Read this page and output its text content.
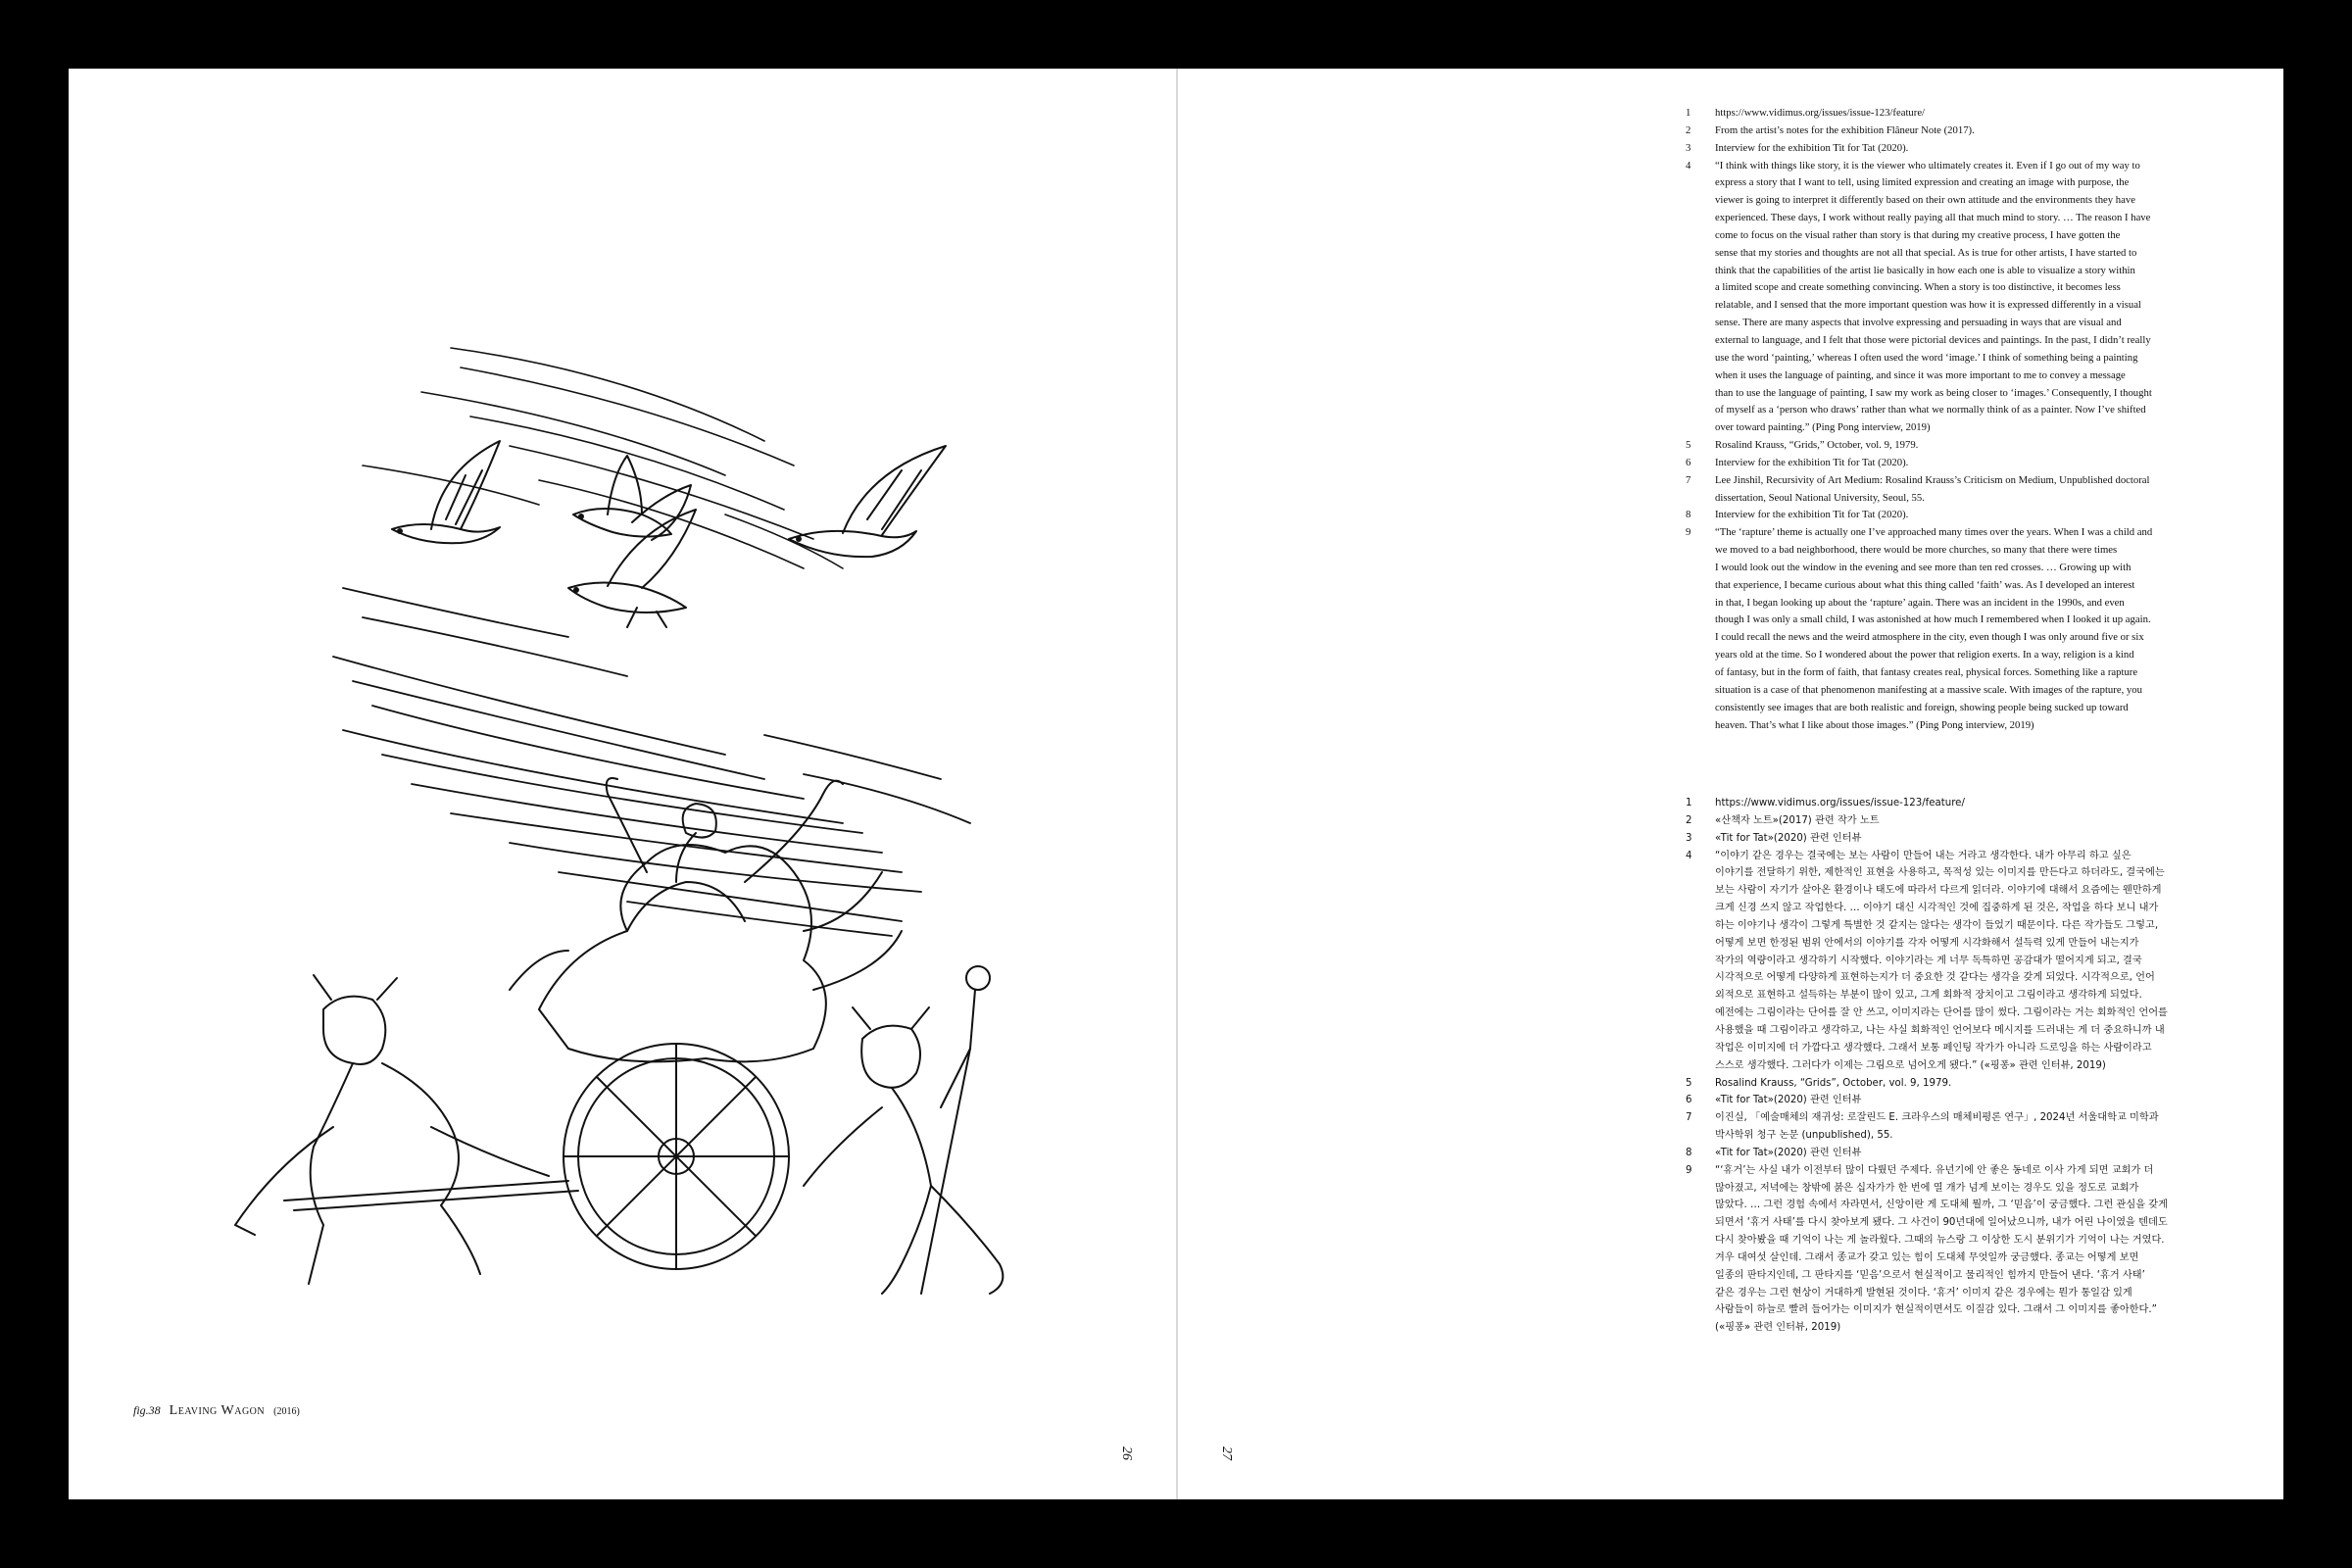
fig.38 Leaving Wagon (2016)
26
1	https://www.vidimus.org/issues/issue-123/feature/
2	From the artist’s notes for the exhibition Flâneur Note (2017).
3	Interview for the exhibition Tit for Tat (2020).
4	“I think with things like story, it is the viewer who ultimately creates it. Even if I go out of my way to
express a story that I want to tell, using limited expression and creating an image with purpose, the
viewer is going to interpret it differently based on their own attitude and the environments they have
experienced. These days, I work without really paying all that much mind to story. … The reason I have
come to focus on the visual rather than story is that during my creative process, I have gotten the
sense that my stories and thoughts are not all that special. As is true for other artists, I have started to
think that the capabilities of the artist lie basically in how each one is able to visualize a story within
a limited scope and create something convincing. When a story is too distinctive, it becomes less
relatable, and I sensed that the more important question was how it is expressed differently in a visual
sense. There are many aspects that involve expressing and persuading in ways that are visual and
external to language, and I felt that those were pictorial devices and paintings. In the past, I didn’t really
use the word ‘painting,’ whereas I often used the word ‘image.’ I think of something being a painting
when it uses the language of painting, and since it was more important to me to convey a message
than to use the language of painting, I saw my work as being closer to ‘images.’ Consequently, I thought
of myself as a ‘person who draws’ rather than what we normally think of as a painter. Now I’ve shifted
over toward painting.” (Ping Pong interview, 2019)
5	Rosalind Krauss, “Grids,” October, vol. 9, 1979.
6	Interview for the exhibition Tit for Tat (2020).
7	Lee Jinshil, Recursivity of Art Medium: Rosalind Krauss’s Criticism on Medium, Unpublished doctoral
dissertation, Seoul National University, Seoul, 55.
8	Interview for the exhibition Tit for Tat (2020).
9	“The ‘rapture’ theme is actually one I’ve approached many times over the years. When I was a child and
we moved to a bad neighborhood, there would be more churches, so many that there were times
I would look out the window in the evening and see more than ten red crosses. … Growing up with
that experience, I became curious about what this thing called ‘faith’ was. As I developed an interest
in that, I began looking up about the ‘rapture’ again. There was an incident in the 1990s, and even
though I was only a small child, I was astonished at how much I remembered when I looked it up again.
I could recall the news and the weird atmosphere in the city, even though I was only around five or six
years old at the time. So I wondered about the power that religion exerts. In a way, religion is a kind
of fantasy, but in the form of faith, that fantasy creates real, physical forces. Something like a rapture
situation is a case of that phenomenon manifesting at a massive scale. With images of the rapture, you
consistently see images that are both realistic and foreign, showing people being sucked up toward
heaven. That’s what I like about those images.” (Ping Pong interview, 2019)
1	https://www.vidimus.org/issues/issue-123/feature/
2	«산책자 노트»(2017) 관련 작가 노트
3	«Tit for Tat»(2020) 관련 인터뷰
4	“이야기 같은 경우는 결국에는 보는 사람이 만들어 내는 거라고 생각한다. 내가 아무리 하고 싶은
이야기를 전달하기 위한, 제한적인 표현을 사용하고, 목적성 있는 이미지를 만든다고 하더라도, 결국에는
보는 사람이 자기가 살아온 환경이나 태도에 따라서 다르게 읽더라. 이야기에 대해서 요즘에는 웬만하게
크게 신경 쓰지 않고 작업한다. … 이야기 대신 시각적인 것에 집중하게 된 것은, 작업을 하다 보니 내가
하는 이야기나 생각이 그렇게 특별한 것 같지는 않다는 생각이 들었기 때문이다. 다른 작가들도 그렇고,
어떻게 보면 한정된 범위 안에서의 이야기를 각자 어떻게 시각화해서 설득력 있게 만들어 내는지가
작가의 역량이라고 생각하기 시작했다. 이야기라는 게 너무 독특하면 공감대가 떨어지게 되고, 결국
시각적으로 어떻게 다양하게 표현하는지가 더 중요한 것 같다는 생각을 갖게 되었다. 시각적으로, 언어
외적으로 표현하고 설득하는 부분이 많이 있고, 그게 회화적 장치이고 그림이라고 생각하게 되었다.
예전에는 그림이라는 단어를 잘 안 쓰고, 이미지라는 단어를 많이 썼다. 그림이라는 거는 회화적인 언어를
사용했을 때 그림이라고 생각하고, 나는 사실 회화적인 언어보다 메시지를 드러내는 게 더 중요하니까 내
작업은 이미지에 더 가깝다고 생각했다. 그래서 보통 페인팅 작가가 아니라 드로잉을 하는 사람이라고
스스로 생각했다. 그러다가 이제는 그림으로 넘어오게 됐다.” («핑퐁» 관련 인터뷰, 2019)
5	Rosalind Krauss, “Grids”, October, vol. 9, 1979.
6	«Tit for Tat»(2020) 관련 인터뷰
7	이진실, 「예술매체의 재귀성: 로잘린드 E. 크라우스의 매체비평론 연구」, 2024년 서울대학교 미학과
박사학위 청구 논문 (unpublished), 55.
8	«Tit for Tat»(2020) 관련 인터뷰
9	“‘휴거’는 사실 내가 이전부터 많이 다뤘던 주제다. 유년기에 안 좋은 동네로 이사 가게 되면 교회가 더
많아졌고, 저녁에는 창밖에 붉은 십자가가 한 번에 열 개가 넘게 보이는 경우도 있을 정도로 교회가
많았다. … 그런 경험 속에서 자라면서, 신앙이란 게 도대체 뭘까, 그 ‘믿음’이 궁금했다. 그런 관심을 갖게
되면서 ‘휴거 사태’를 다시 찾아보게 됐다. 그 사건이 90년대에 일어났으니까, 내가 어린 나이였을 텐데도
다시 찾아봤을 때 기억이 나는 게 놀라웠다. 그때의 뉴스랑 그 이상한 도시 분위기가 기억이 나는 거였다.
겨우 대여섯 살인데. 그래서 종교가 갖고 있는 힘이 도대체 무엇일까 궁금했다. 종교는 어떻게 보면
일종의 판타지인데, 그 판타지를 ‘믿음’으로서 현실적이고 물리적인 힘까지 만들어 낸다. ‘휴거 사태’
같은 경우는 그런 현상이 거대하게 발현된 것이다. ‘휴거’ 이미지 같은 경우에는 뭔가 통일감 있게
사람들이 하늘로 빨려 들어가는 이미지가 현실적이면서도 이질감 있다. 그래서 그 이미지를 좋아한다.”
(«핑퐁» 관련 인터뷰, 2019)
27
